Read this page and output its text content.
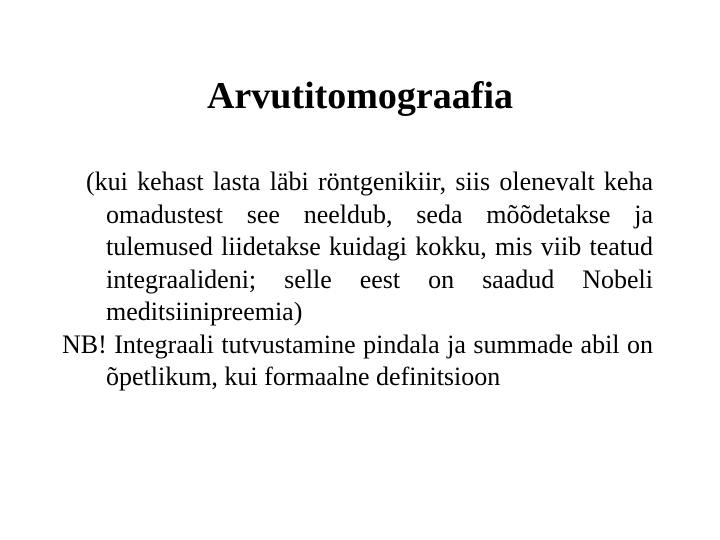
Arvutitomograafia

(kui kehast lasta läbi röntgenikiir, siis olenevalt keha omadustest see neeldub, seda mõõdetakse ja tulemused liidetakse kuidagi kokku, mis viib teatud integraalideni; selle eest on saadud Nobeli meditsiinipreemia)

NB! Integraali tutvustamine pindala ja summade abil on õpetlikum, kui formaalne definitsioon
